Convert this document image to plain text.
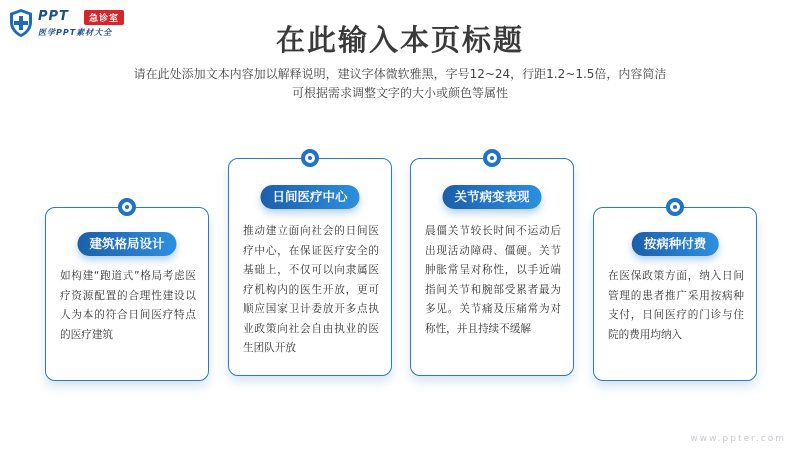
PPT	急诊室
医学PPT素材大全	在此输入本页标题
请在此处添加文本内容加以解释说明，建议字体微软雅黑，字号12~24，行距1.2~1.5倍，内容简洁
可根据需求调整文字的大小或颜色等属性
建筑格局设计
如构建“跑道式”格局考虑医疗资源配置的合理性建设以人为本的符合日间医疗特点的医疗建筑
日间医疗中心
推动建立面向社会的日间医疗中心，在保证医疗安全的基础上，不仅可以向隶属医疗机构内的医生开放，更可顺应国家卫计委放开多点执业政策向社会自由执业的医生团队开放
关节病变表现
晨僵关节较长时间不运动后出现活动障碍、僵硬。关节肿胀常呈对称性，以手近端指间关节和腕部受累者最为多见。关节痛及压痛常为对称性，并且持续不缓解
按病种付费
在医保政策方面，纳入日间管理的患者推广采用按病种支付，日间医疗的门诊与住院的费用均纳入
www.ppter.com
